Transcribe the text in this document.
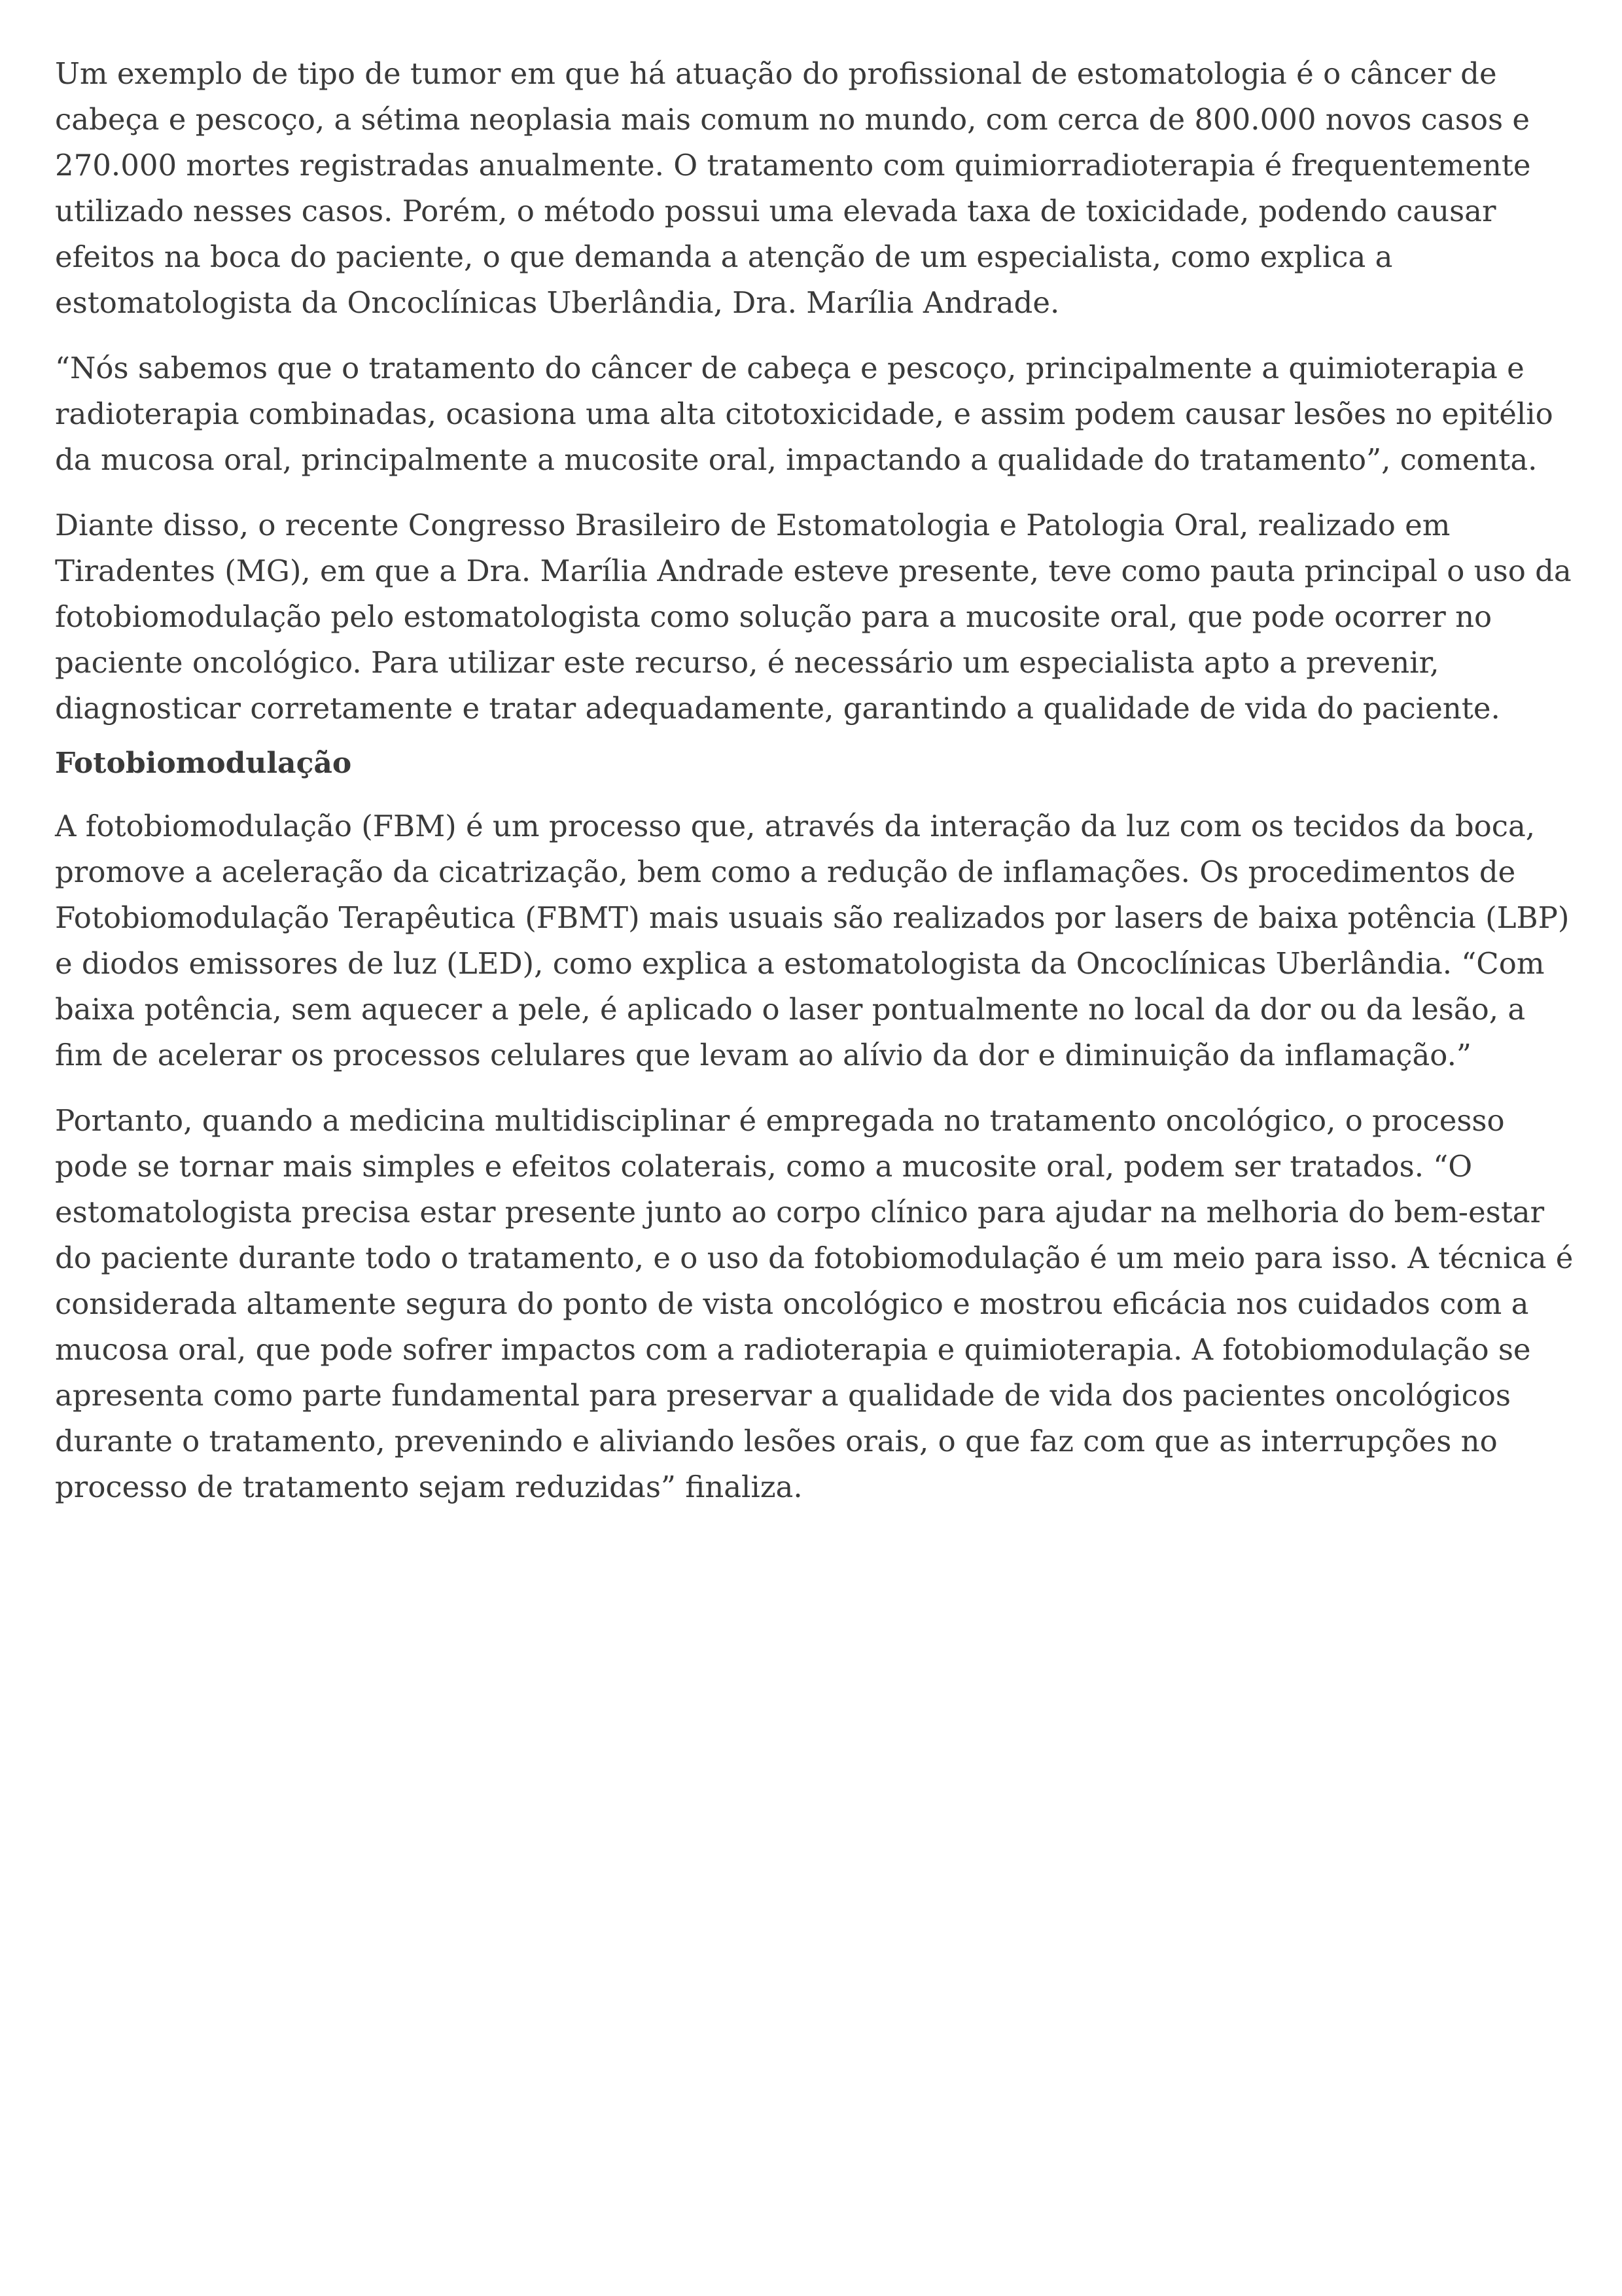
Um exemplo de tipo de tumor em que há atuação do profissional de estomatologia é o câncer de cabeça e pescoço, a sétima neoplasia mais comum no mundo, com cerca de 800.000 novos casos e 270.000 mortes registradas anualmente. O tratamento com quimiorradioterapia é frequentemente utilizado nesses casos. Porém, o método possui uma elevada taxa de toxicidade, podendo causar efeitos na boca do paciente, o que demanda a atenção de um especialista, como explica a estomatologista da Oncoclínicas Uberlândia, Dra. Marília Andrade.

“Nós sabemos que o tratamento do câncer de cabeça e pescoço, principalmente a quimioterapia e radioterapia combinadas, ocasiona uma alta citotoxicidade, e assim podem causar lesões no epitélio da mucosa oral, principalmente a mucosite oral, impactando a qualidade do tratamento”, comenta.

Diante disso, o recente Congresso Brasileiro de Estomatologia e Patologia Oral, realizado em Tiradentes (MG), em que a Dra. Marília Andrade esteve presente, teve como pauta principal o uso da fotobiomodulação pelo estomatologista como solução para a mucosite oral, que pode ocorrer no paciente oncológico. Para utilizar este recurso, é necessário um especialista apto a prevenir, diagnosticar corretamente e tratar adequadamente, garantindo a qualidade de vida do paciente.

Fotobiomodulação

A fotobiomodulação (FBM) é um processo que, através da interação da luz com os tecidos da boca, promove a aceleração da cicatrização, bem como a redução de inflamações. Os procedimentos de Fotobiomodulação Terapêutica (FBMT) mais usuais são realizados por lasers de baixa potência (LBP) e diodos emissores de luz (LED), como explica a estomatologista da Oncoclínicas Uberlândia. “Com baixa potência, sem aquecer a pele, é aplicado o laser pontualmente no local da dor ou da lesão, a fim de acelerar os processos celulares que levam ao alívio da dor e diminuição da inflamação.”

Portanto, quando a medicina multidisciplinar é empregada no tratamento oncológico, o processo pode se tornar mais simples e efeitos colaterais, como a mucosite oral, podem ser tratados. “O estomatologista precisa estar presente junto ao corpo clínico para ajudar na melhoria do bem-estar do paciente durante todo o tratamento, e o uso da fotobiomodulação é um meio para isso. A técnica é considerada altamente segura do ponto de vista oncológico e mostrou eficácia nos cuidados com a mucosa oral, que pode sofrer impactos com a radioterapia e quimioterapia. A fotobiomodulação se apresenta como parte fundamental para preservar a qualidade de vida dos pacientes oncológicos durante o tratamento, prevenindo e aliviando lesões orais, o que faz com que as interrupções no processo de tratamento sejam reduzidas” finaliza.
